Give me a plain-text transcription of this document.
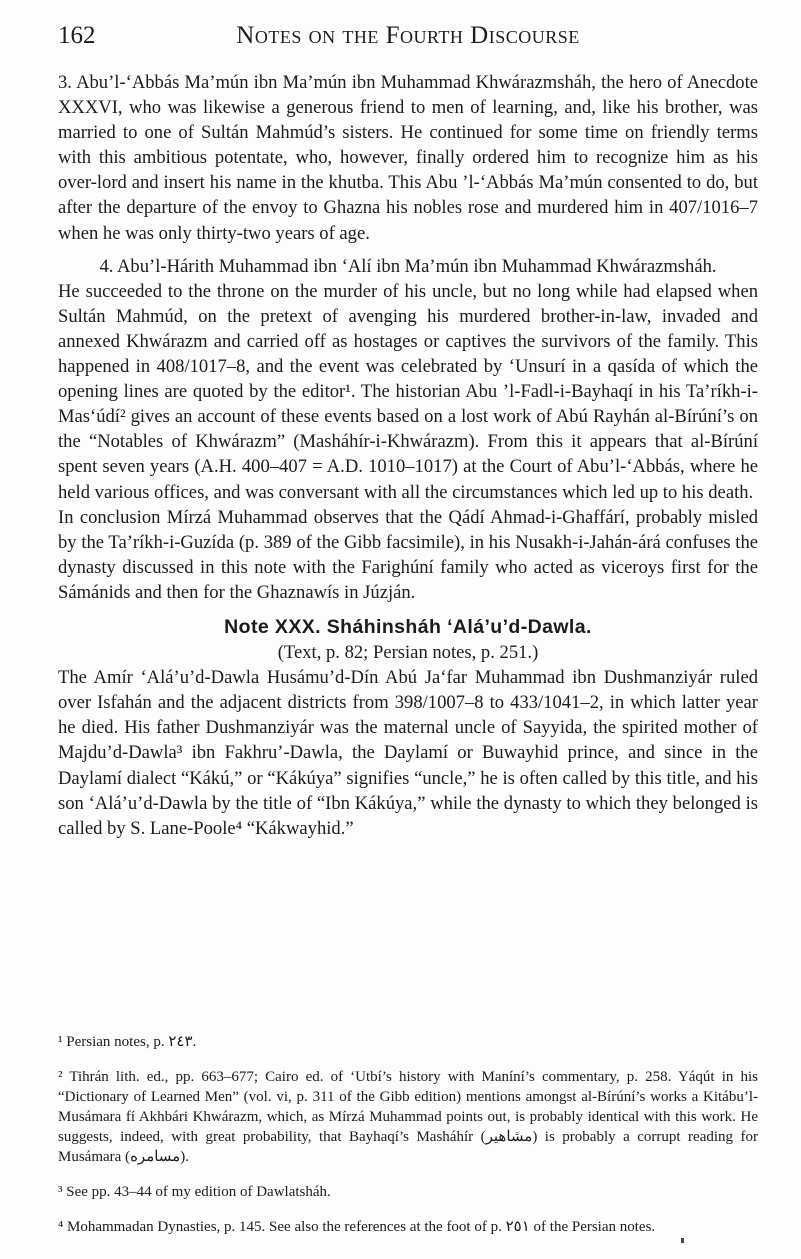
162	Notes on the Fourth Discourse

3. Abu’l-‘Abbás Ma’mún ibn Ma’mún ibn Muhammad Khwárazmsháh, the hero of Anecdote XXXVI, who was likewise a generous friend to men of learning, and, like his brother, was married to one of Sultán Mahmúd’s sisters. He continued for some time on friendly terms with this ambitious potentate, who, however, finally ordered him to recognize him as his over-lord and insert his name in the khutba. This Abu ’l-‘Abbás Ma’mún consented to do, but after the departure of the envoy to Ghazna his nobles rose and murdered him in 407/1016–7 when he was only thirty-two years of age.

4. Abu’l-Hárith Muhammad ibn ‘Alí ibn Ma’mún ibn Muhammad Khwárazmsháh.

He succeeded to the throne on the murder of his uncle, but no long while had elapsed when Sultán Mahmúd, on the pretext of avenging his murdered brother-in-law, invaded and annexed Khwárazm and carried off as hostages or captives the survivors of the family. This happened in 408/1017–8, and the event was celebrated by ‘Unsurí in a qasída of which the opening lines are quoted by the editor¹. The historian Abu ’l-Fadl-i-Bayhaqí in his Ta’ríkh-i-Mas‘údí² gives an account of these events based on a lost work of Abú Rayhán al-Bírúní’s on the “Notables of Khwárazm” (Masháhír-i-Khwárazm). From this it appears that al-Bírúní spent seven years (A.H. 400–407 = A.D. 1010–1017) at the Court of Abu’l-‘Abbás, where he held various offices, and was conversant with all the circumstances which led up to his death.

In conclusion Mírzá Muhammad observes that the Qádí Ahmad-i-Ghaffárí, probably misled by the Ta’ríkh-i-Guzída (p. 389 of the Gibb facsimile), in his Nusakh-i-Jahán-árá confuses the dynasty discussed in this note with the Farighúní family who acted as viceroys first for the Sámánids and then for the Ghaznawís in Júzján.

Note XXX. Sháhinsháh ‘Alá’u’d-Dawla.

(Text, p. 82; Persian notes, p. 251.)

The Amír ‘Alá’u’d-Dawla Husámu’d-Dín Abú Ja‘far Muhammad ibn Dushmanziyár ruled over Isfahán and the adjacent districts from 398/1007–8 to 433/1041–2, in which latter year he died. His father Dushmanziyár was the maternal uncle of Sayyida, the spirited mother of Majdu’d-Dawla³ ibn Fakhru’-Dawla, the Daylamí or Buwayhid prince, and since in the Daylamí dialect “Kákú,” or “Kákúya” signifies “uncle,” he is often called by this title, and his son ‘Alá’u’d-Dawla by the title of “Ibn Kákúya,” while the dynasty to which they belonged is called by S. Lane-Poole⁴ “Kákwayhid.”

¹ Persian notes, p. ٢٤٣.

² Tihrán lith. ed., pp. 663–677; Cairo ed. of ‘Utbí’s history with Maníní’s commentary, p. 258. Yáqút in his “Dictionary of Learned Men” (vol. vi, p. 311 of the Gibb edition) mentions amongst al-Bírúní’s works a Kitábu’l-Musámara fí Akhbári Khwárazm, which, as Mírzá Muhammad points out, is probably identical with this work. He suggests, indeed, with great probability, that Bayhaqí’s Masháhír (مشاهیر) is probably a corrupt reading for Musámara (مسامره).

³ See pp. 43–44 of my edition of Dawlatsháh.

⁴ Mohammadan Dynasties, p. 145. See also the references at the foot of p. ٢٥١ of the Persian notes.
